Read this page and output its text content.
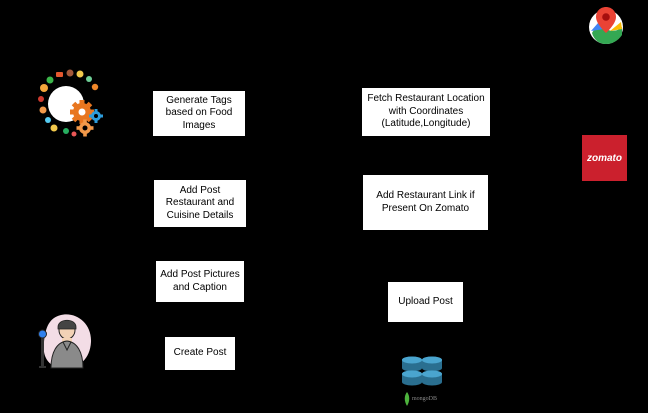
Generate Tags
based on Food
Images
Add Post
Restaurant and
Cuisine Details
Add Post Pictures
and Caption
Create Post
Fetch Restaurant Location
with Coordinates
(Latitude,Longitude)
Add Restaurant Link if
Present On Zomato
Upload Post
zomato
mongoDB
